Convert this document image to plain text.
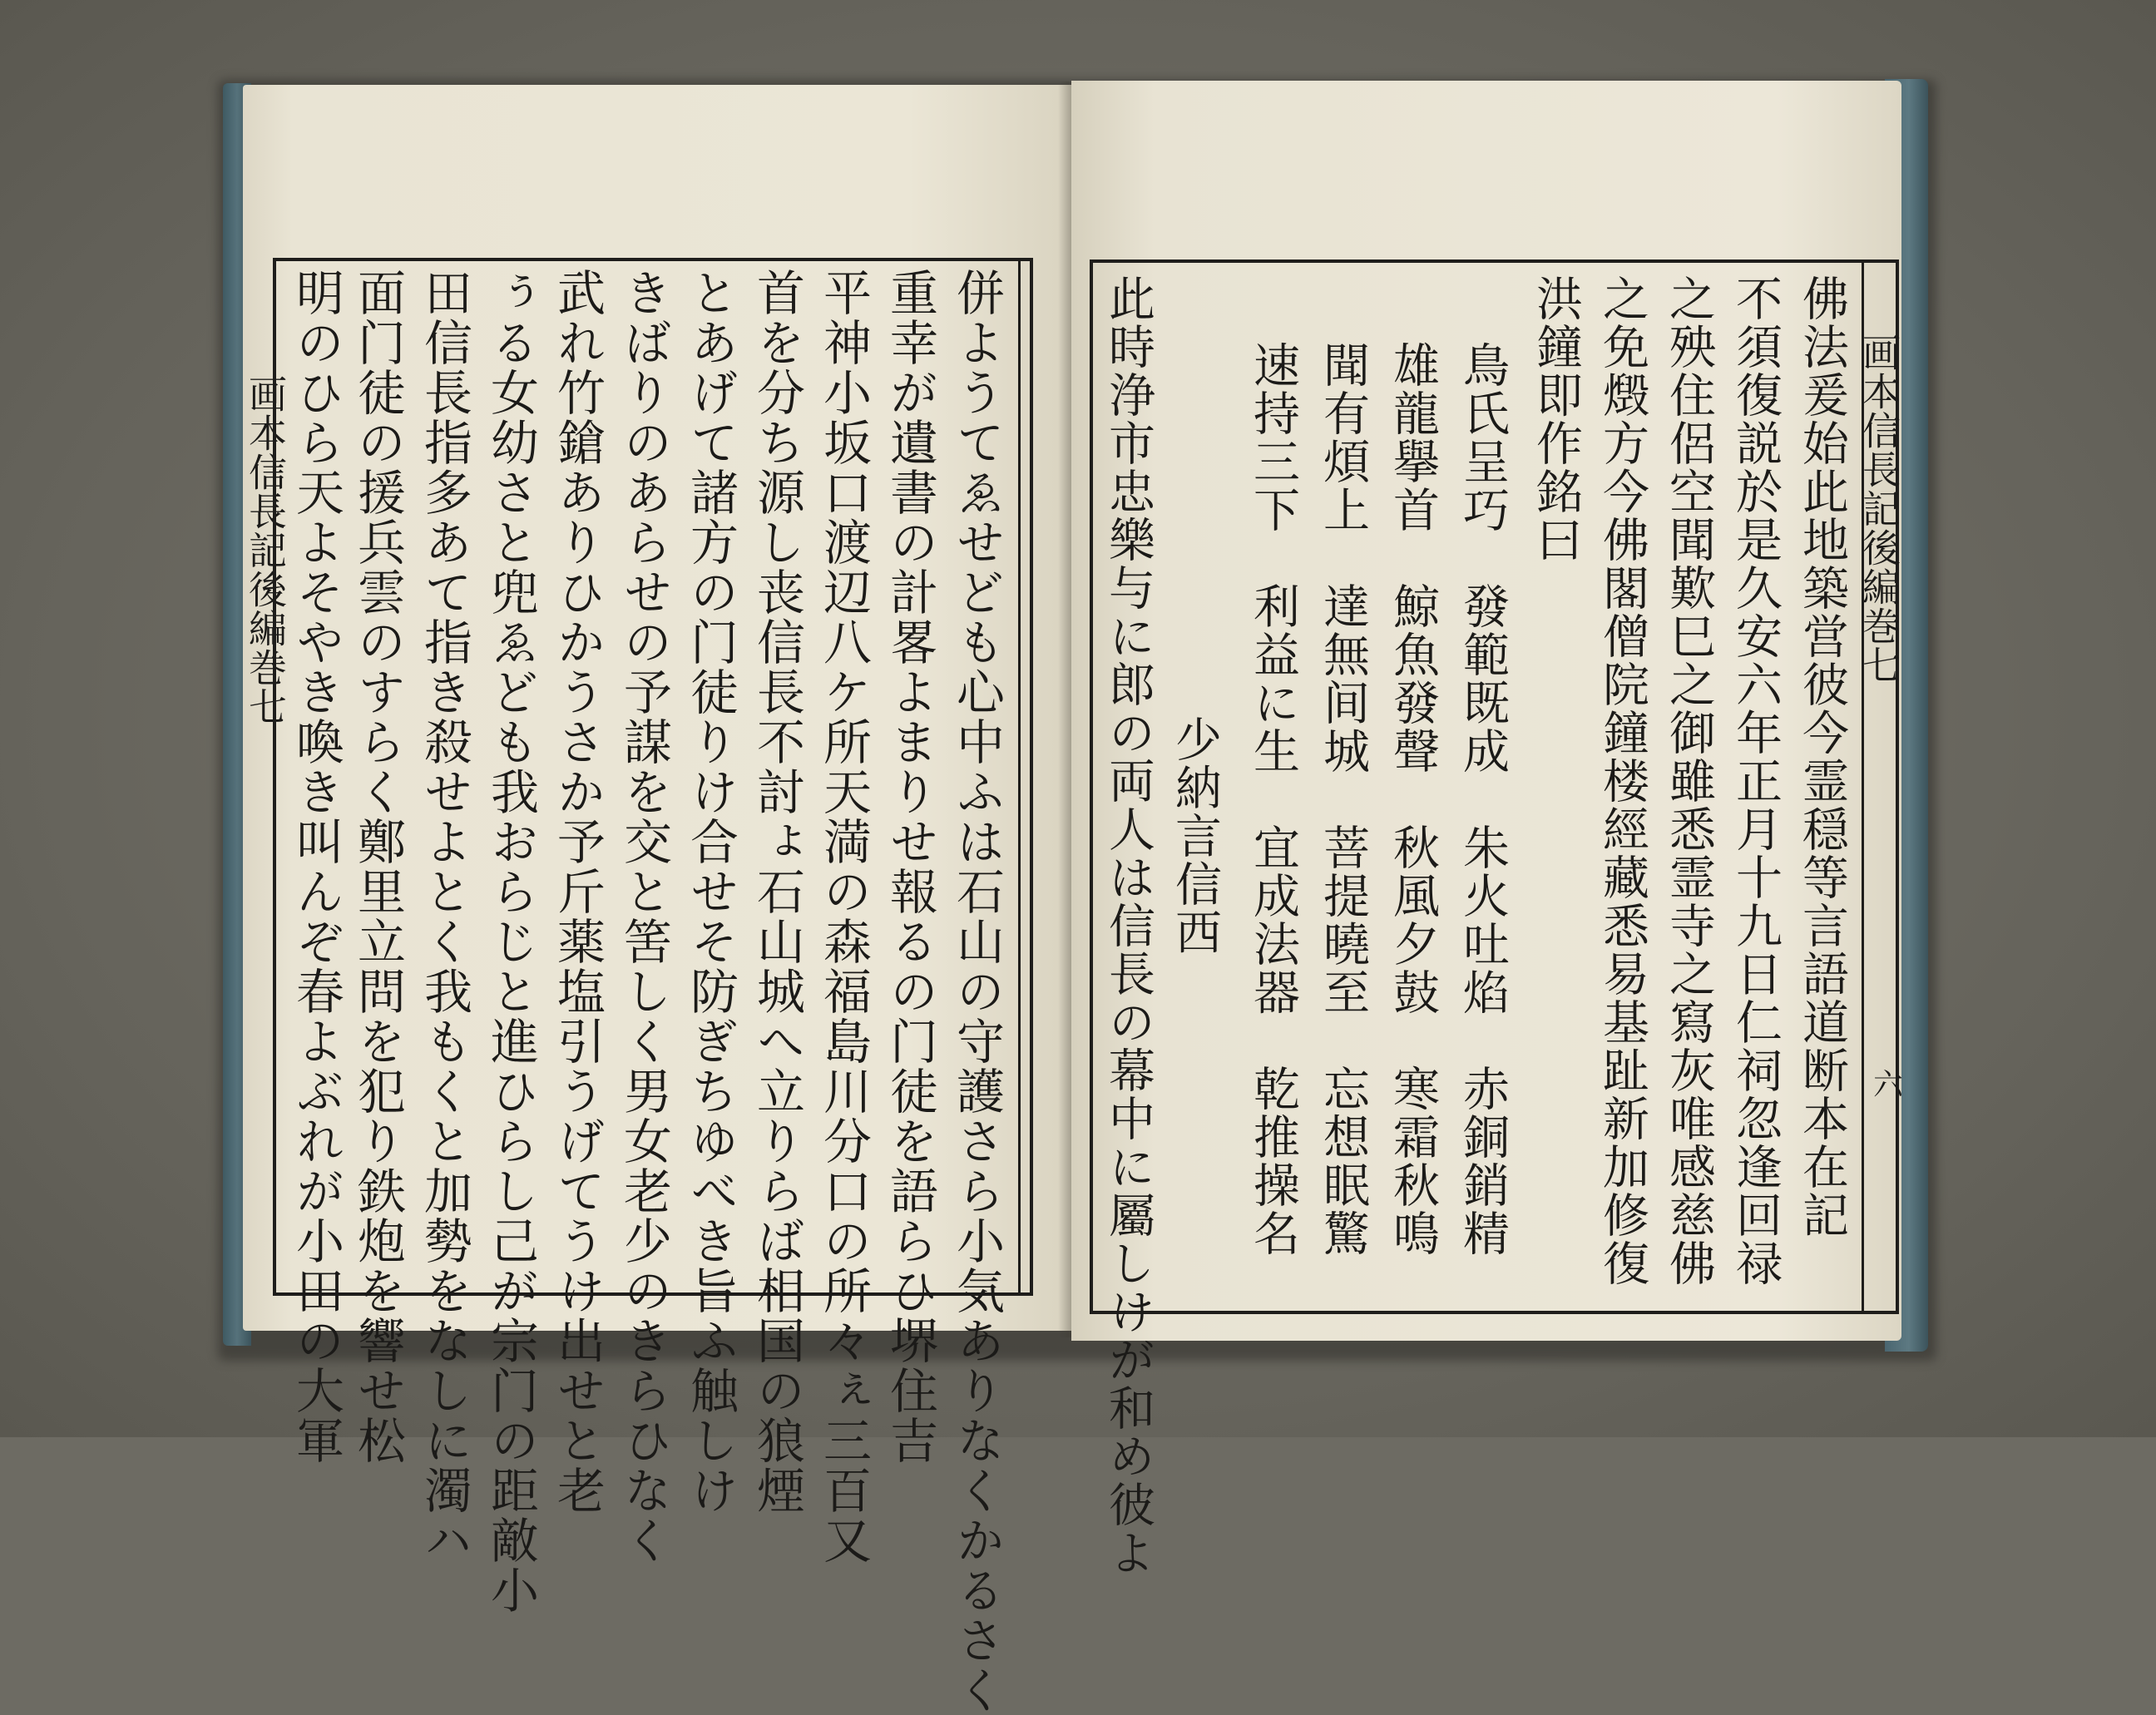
画本信長記後編巻七	併ようてゑせども心中ふは石山の守護さら小気ありなくかるさく
重幸が遺書の計畧よまりせ報るの门徒を語らひ堺住吉
平神小坂口渡辺八ケ所天満の森福島川分口の所々ぇ三百又
首を分ち源し丧信長不討ょ石山城へ立りらば相国の狼煙
とあげて諸方の门徒りけ合せそ防ぎちゆべき旨ふ触しけ
きばりのあらせの予謀を交と筈しく男女老少のきらひなく
武れ竹鎗ありひかうさか予斤薬塩引うげてうけ出せと老
ぅる女幼さと兜ゑども我おらじと進ひらし己が宗门の距敵小
田信長指多あて指き殺せよとく我もくと加勢をなしに濁ハ
面门徒の援兵雲のすらく鄭里立問を犯り鉄炮を響せ松
明のひら天よそやき喚き叫んぞ春よぶれが小田の大軍	画本信長記後編巻七
六
佛法爰始此地築営彼今霊穏等言語道断本在記
不須復説於是久安六年正月十九日仁祠忽逢回禄
之殃住侶空聞歎巳之御雖悉霊寺之寫灰唯感慈佛
之免燬方今佛閣僧院鐘楼經藏悉易基趾新加修復
洪鐘即作銘曰
鳥氏呈巧　發範既成　朱火吐焰　赤銅銷精
雄龍擧首　鯨魚發聲　秋風夕鼓　寒霜秋鳴
聞有煩上　達無间城　菩提曉至　忘想眠驚
速持三下　利益に生　宜成法器　乾推操名
少納言信西
此時浄市忠樂与に郎の両人は信長の幕中に屬しけが和め彼よ
